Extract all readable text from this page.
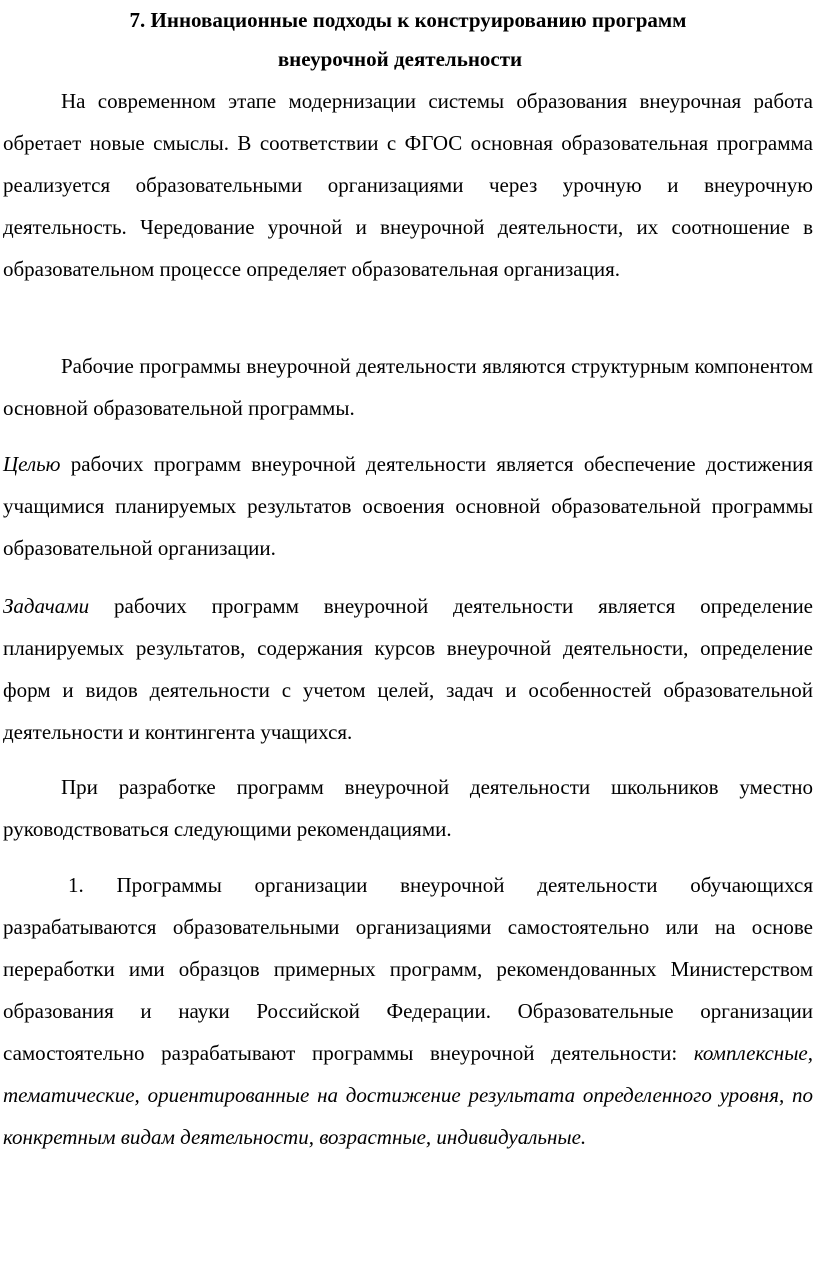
7. Инновационные подходы к конструированию программ
внеурочной деятельности

На современном этапе модернизации системы образования внеурочная работа обретает новые смыслы. В соответствии с ФГОС основная образовательная программа реализуется образовательными организациями через урочную и внеурочную деятельность. Чередование урочной и внеурочной деятельности, их соотношение в образовательном процессе определяет образовательная организация.

Рабочие программы внеурочной деятельности являются структурным компонентом основной образовательной программы.

Целью рабочих программ внеурочной деятельности является обеспечение достижения учащимися планируемых результатов освоения основной образовательной программы образовательной организации.

Задачами рабочих программ внеурочной деятельности является определение планируемых результатов, содержания курсов внеурочной деятельности, определение форм и видов деятельности с учетом целей, задач и особенностей образовательной деятельности и контингента учащихся.

При разработке программ внеурочной деятельности школьников уместно руководствоваться следующими рекомендациями.

1. Программы организации внеурочной деятельности обучающихся разрабатываются образовательными организациями самостоятельно или на основе переработки ими образцов примерных программ, рекомендованных Министерством образования и науки Российской Федерации. Образовательные организации самостоятельно разрабатывают программы внеурочной деятельности: комплексные, тематические, ориентированные на достижение результата определенного уровня, по конкретным видам деятельности, возрастные, индивидуальные.
